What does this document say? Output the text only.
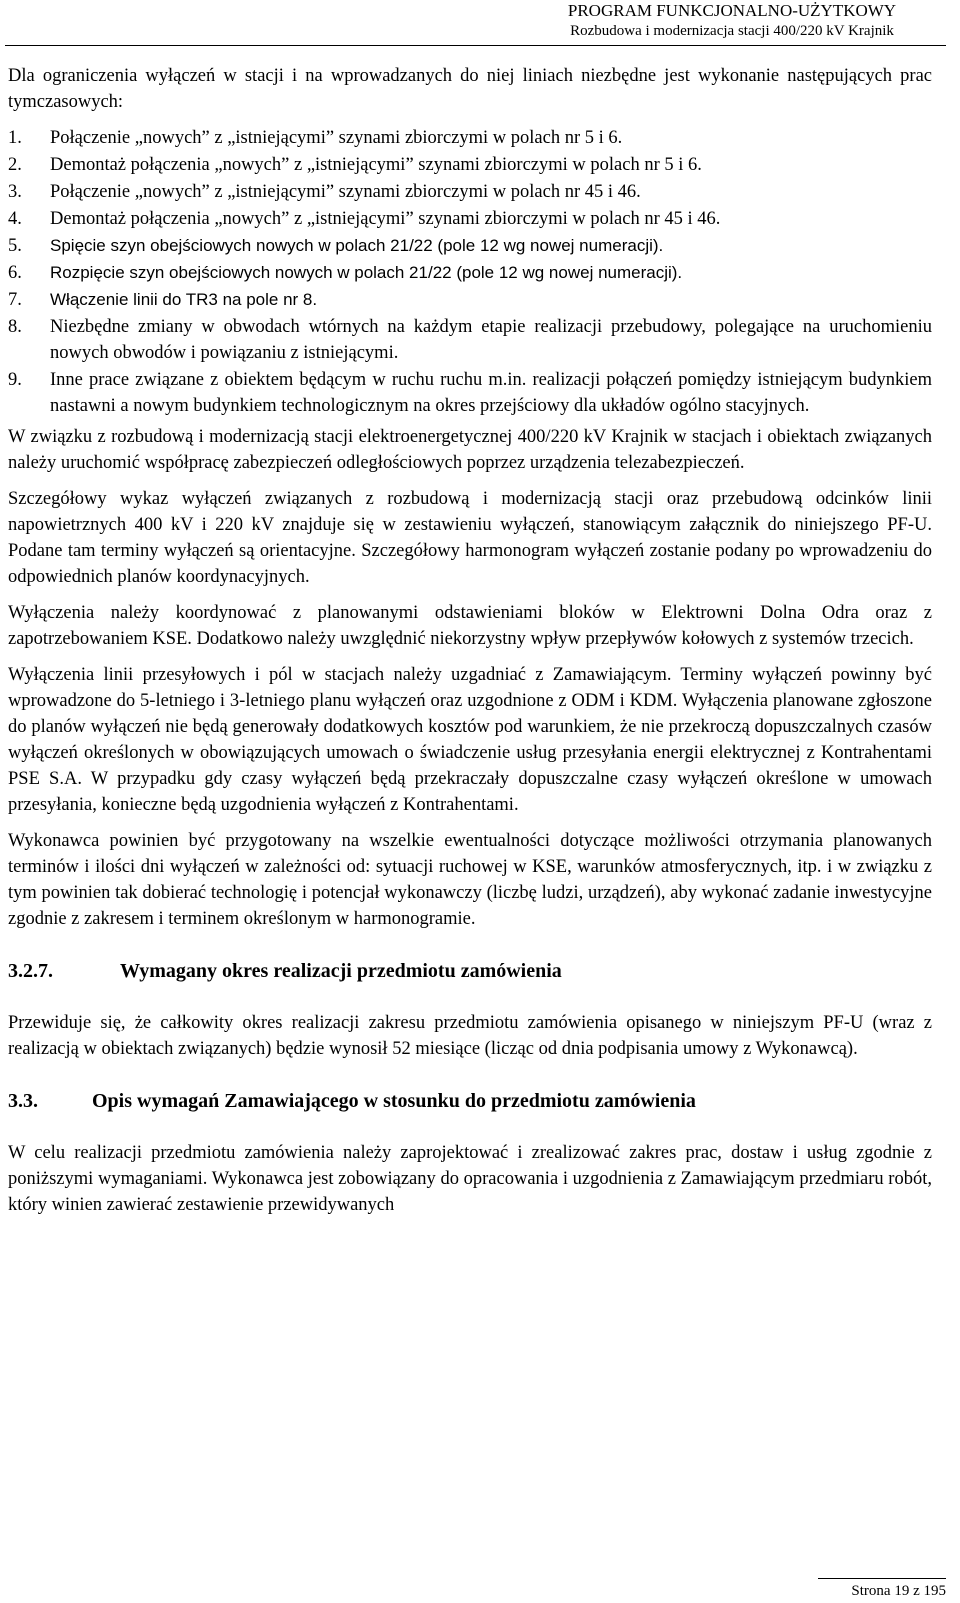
PROGRAM FUNKCJONALNO-UŻYTKOWY
Rozbudowa i modernizacja stacji 400/220 kV Krajnik

Dla ograniczenia wyłączeń w stacji i na wprowadzanych do niej liniach niezbędne jest wykonanie następujących prac tymczasowych:

1.	Połączenie „nowych” z „istniejącymi” szynami zbiorczymi w polach nr 5 i 6.
2.	Demontaż połączenia „nowych” z „istniejącymi” szynami zbiorczymi w polach nr 5 i 6.
3.	Połączenie „nowych” z „istniejącymi” szynami zbiorczymi w polach nr 45 i 46.
4.	Demontaż połączenia „nowych” z „istniejącymi” szynami zbiorczymi w polach nr 45 i 46.
5.	Spięcie szyn obejściowych nowych w polach 21/22 (pole 12 wg nowej numeracji).
6.	Rozpięcie szyn obejściowych nowych w polach 21/22 (pole 12 wg nowej numeracji).
7.	Włączenie linii do TR3 na pole nr 8.
8.	Niezbędne zmiany w obwodach wtórnych na każdym etapie realizacji przebudowy, polegające na uruchomieniu nowych obwodów i powiązaniu z istniejącymi.
9.	Inne prace związane z obiektem będącym w ruchu ruchu m.in. realizacji połączeń pomiędzy istniejącym budynkiem nastawni a nowym budynkiem technologicznym na okres przejściowy dla układów ogólno stacyjnych.

W związku z rozbudową i modernizacją stacji elektroenergetycznej 400/220 kV Krajnik w stacjach i obiektach związanych należy uruchomić współpracę zabezpieczeń odległościowych poprzez urządzenia telezabezpieczeń.

Szczegółowy wykaz wyłączeń związanych z rozbudową i modernizacją stacji oraz przebudową odcinków linii napowietrznych 400 kV i 220 kV znajduje się w zestawieniu wyłączeń, stanowiącym załącznik do niniejszego PF-U. Podane tam terminy wyłączeń są orientacyjne. Szczegółowy harmonogram wyłączeń zostanie podany po wprowadzeniu do odpowiednich planów koordynacyjnych.

Wyłączenia należy koordynować z planowanymi odstawieniami bloków w Elektrowni Dolna Odra oraz z zapotrzebowaniem KSE. Dodatkowo należy uwzględnić niekorzystny wpływ przepływów kołowych z systemów trzecich.

Wyłączenia linii przesyłowych i pól w stacjach należy uzgadniać z Zamawiającym. Terminy wyłączeń powinny być wprowadzone do 5-letniego i 3-letniego planu wyłączeń oraz uzgodnione z ODM i KDM. Wyłączenia planowane zgłoszone do planów wyłączeń nie będą generowały dodatkowych kosztów pod warunkiem, że nie przekroczą dopuszczalnych czasów wyłączeń określonych w obowiązujących umowach o świadczenie usług przesyłania energii elektrycznej z Kontrahentami PSE S.A. W przypadku gdy czasy wyłączeń będą przekraczały dopuszczalne czasy wyłączeń określone w umowach przesyłania, konieczne będą uzgodnienia wyłączeń z Kontrahentami.

Wykonawca powinien być przygotowany na wszelkie ewentualności dotyczące możliwości otrzymania planowanych terminów i ilości dni wyłączeń w zależności od: sytuacji ruchowej w KSE, warunków atmosferycznych, itp. i w związku z tym powinien tak dobierać technologię i potencjał wykonawczy (liczbę ludzi, urządzeń), aby wykonać zadanie inwestycyjne zgodnie z zakresem i terminem określonym w harmonogramie.

3.2.7.	Wymagany okres realizacji przedmiotu zamówienia

Przewiduje się, że całkowity okres realizacji zakresu przedmiotu zamówienia opisanego w niniejszym PF-U (wraz z realizacją w obiektach związanych) będzie wynosił 52 miesiące (licząc od dnia podpisania umowy z Wykonawcą).

3.3.	Opis wymagań Zamawiającego w stosunku do przedmiotu zamówienia

W celu realizacji przedmiotu zamówienia należy zaprojektować i zrealizować zakres prac, dostaw i usług zgodnie z poniższymi wymaganiami. Wykonawca jest zobowiązany do opracowania i uzgodnienia z Zamawiającym przedmiaru robót, który winien zawierać zestawienie przewidywanych

Strona 19 z 195
